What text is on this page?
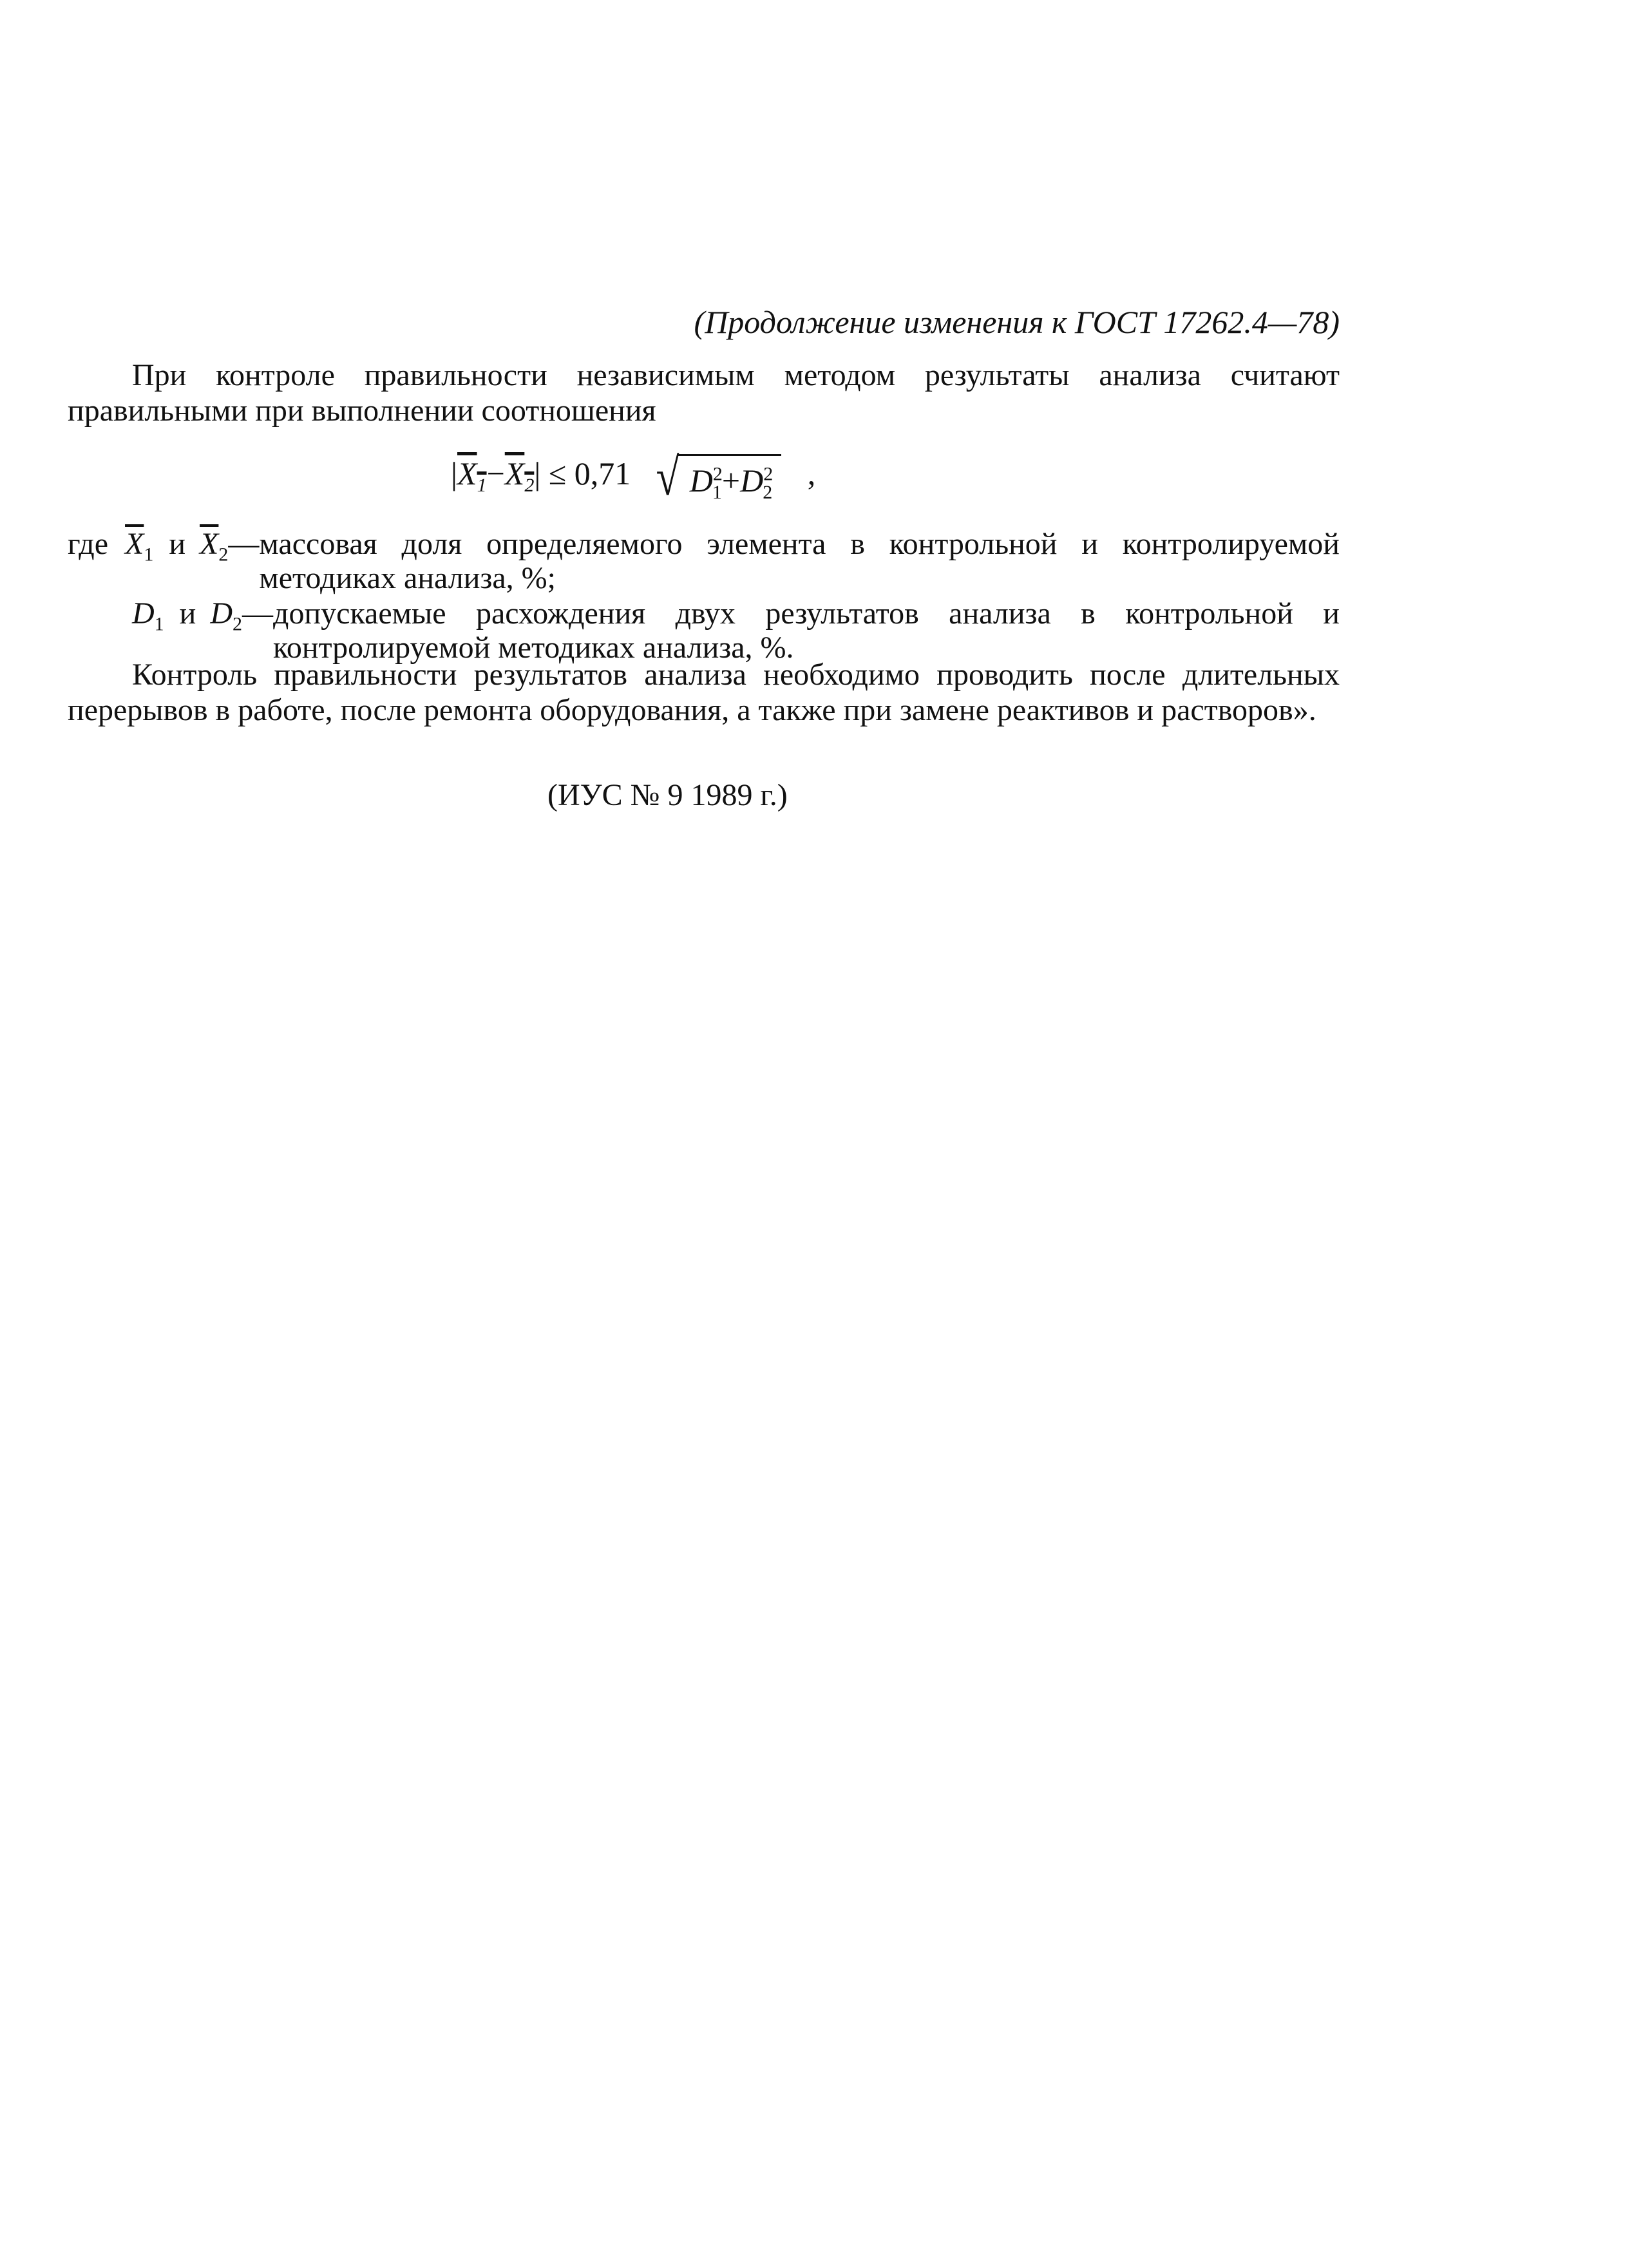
(Продолжение изменения к ГОСТ 17262.4—78)
При контроле правильности независимым методом результаты анализа считают правильными при выполнении соотношения
$|X_1-X_2| \le 0,71$ √ $D^2_1+D^2_2$ ,
где $\overline{X}_1$ и $\overline{X}_2—$ массовая доля определяемого элемента в контрольной и контролируемой методиках анализа, %;
$D_1$ и $D_2—$ допускаемые расхождения двух результатов анализа в контрольной и контролируемой методиках анализа, %.
Контроль правильности результатов анализа необходимо проводить после длительных перерывов в работе, после ремонта оборудования, а также при замене реактивов и растворов».
(ИУС № 9 1989 г.)
